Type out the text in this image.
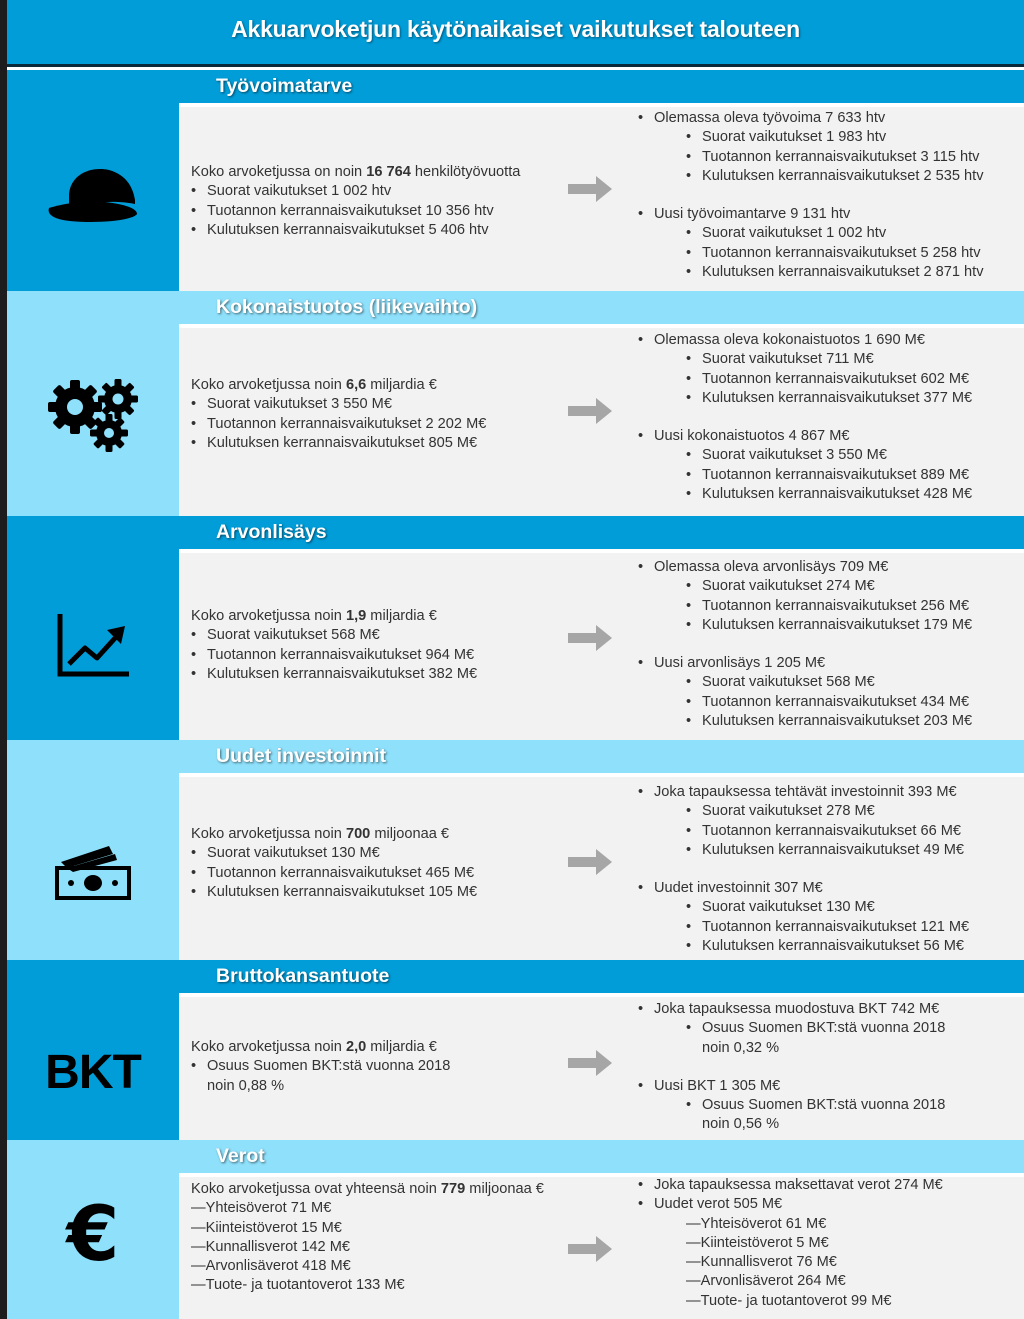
Akkuarvoketjun käytönaikaiset vaikutukset talouteen
Työvoimatarve
Koko arvoketjussa on noin 16 764 henkilötyövuotta
• Suorat vaikutukset 1 002 htv
• Tuotannon kerrannaisvaikutukset 10 356 htv
• Kulutuksen kerrannaisvaikutukset 5 406 htv
• Olemassa oleva työvoima 7 633 htv
• Suorat vaikutukset 1 983 htv
• Tuotannon kerrannaisvaikutukset 3 115 htv
• Kulutuksen kerrannaisvaikutukset 2 535 htv
• Uusi työvoimantarve 9 131 htv
• Suorat vaikutukset 1 002 htv
• Tuotannon kerrannaisvaikutukset 5 258 htv
• Kulutuksen kerrannaisvaikutukset 2 871 htv
Kokonaistuotos (liikevaihto)
Koko arvoketjussa noin 6,6 miljardia €
• Suorat vaikutukset 3 550 M€
• Tuotannon kerrannaisvaikutukset 2 202 M€
• Kulutuksen kerrannaisvaikutukset 805 M€
• Olemassa oleva kokonaistuotos 1 690 M€
• Suorat vaikutukset 711 M€
• Tuotannon kerrannaisvaikutukset 602 M€
• Kulutuksen kerrannaisvaikutukset 377 M€
• Uusi kokonaistuotos 4 867 M€
• Suorat vaikutukset 3 550 M€
• Tuotannon kerrannaisvaikutukset 889 M€
• Kulutuksen kerrannaisvaikutukset 428 M€
Arvonlisäys
Koko arvoketjussa noin 1,9 miljardia €
• Suorat vaikutukset 568 M€
• Tuotannon kerrannaisvaikutukset 964 M€
• Kulutuksen kerrannaisvaikutukset 382 M€
• Olemassa oleva arvonlisäys 709 M€
• Suorat vaikutukset 274 M€
• Tuotannon kerrannaisvaikutukset 256 M€
• Kulutuksen kerrannaisvaikutukset 179 M€
• Uusi arvonlisäys 1 205 M€
• Suorat vaikutukset 568 M€
• Tuotannon kerrannaisvaikutukset 434 M€
• Kulutuksen kerrannaisvaikutukset 203 M€
Uudet investoinnit
Koko arvoketjussa noin 700 miljoonaa €
• Suorat vaikutukset 130 M€
• Tuotannon kerrannaisvaikutukset 465 M€
• Kulutuksen kerrannaisvaikutukset 105 M€
• Joka tapauksessa tehtävät investoinnit 393 M€
• Suorat vaikutukset 278 M€
• Tuotannon kerrannaisvaikutukset 66 M€
• Kulutuksen kerrannaisvaikutukset 49 M€
• Uudet investoinnit 307 M€
• Suorat vaikutukset 130 M€
• Tuotannon kerrannaisvaikutukset 121 M€
• Kulutuksen kerrannaisvaikutukset 56 M€
BKT
Bruttokansantuote
Koko arvoketjussa noin 2,0 miljardia €
• Osuus Suomen BKT:stä vuonna 2018
noin 0,88 %
• Joka tapauksessa muodostuva BKT 742 M€
• Osuus Suomen BKT:stä vuonna 2018
noin 0,32 %
• Uusi BKT 1 305 M€
• Osuus Suomen BKT:stä vuonna 2018
noin 0,56 %
€
Verot
Koko arvoketjussa ovat yhteensä noin 779 miljoonaa €
—Yhteisöverot 71 M€
—Kiinteistöverot 15 M€
—Kunnallisverot 142 M€
—Arvonlisäverot 418 M€
—Tuote- ja tuotantoverot 133 M€
• Joka tapauksessa maksettavat verot 274 M€
• Uudet verot 505 M€
—Yhteisöverot 61 M€
—Kiinteistöverot 5 M€
—Kunnallisverot 76 M€
—Arvonlisäverot 264 M€
—Tuote- ja tuotantoverot 99 M€
